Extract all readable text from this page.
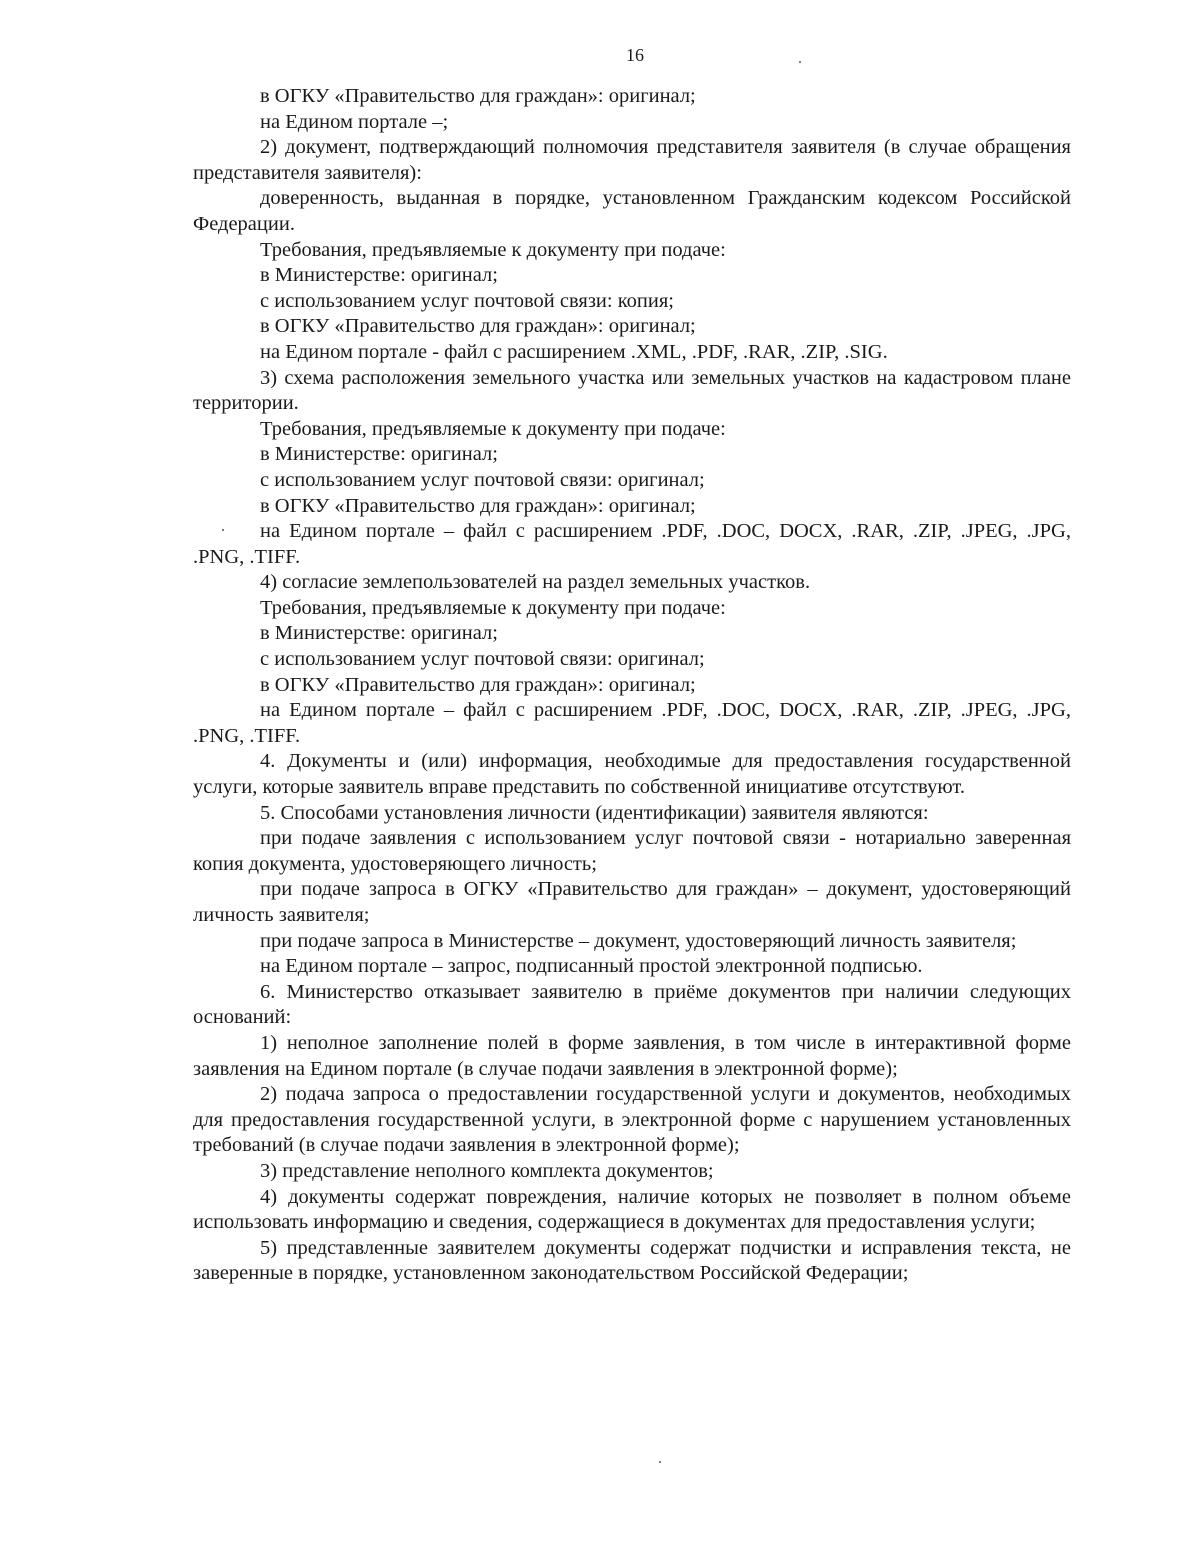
16

в ОГКУ «Правительство для граждан»: оригинал;

на Едином портале –;

2) документ, подтверждающий полномочия представителя заявителя (в случае обращения представителя заявителя):

доверенность, выданная в порядке, установленном Гражданским кодексом Российской Федерации.

Требования, предъявляемые к документу при подаче:

в Министерстве: оригинал;

с использованием услуг почтовой связи: копия;

в ОГКУ «Правительство для граждан»: оригинал;

на Едином портале - файл с расширением .XML, .PDF, .RAR, .ZIP, .SIG.

3) схема расположения земельного участка или земельных участков на кадастровом плане территории.

Требования, предъявляемые к документу при подаче:

в Министерстве: оригинал;

с использованием услуг почтовой связи: оригинал;

в ОГКУ «Правительство для граждан»: оригинал;

на Едином портале – файл с расширением .PDF, .DOC, DOCX, .RAR, .ZIP, .JPEG, .JPG, .PNG, .TIFF.

4) согласие землепользователей на раздел земельных участков.

Требования, предъявляемые к документу при подаче:

в Министерстве: оригинал;

с использованием услуг почтовой связи: оригинал;

в ОГКУ «Правительство для граждан»: оригинал;

на Едином портале – файл с расширением .PDF, .DOC, DOCX, .RAR, .ZIP, .JPEG, .JPG, .PNG, .TIFF.

4. Документы и (или) информация, необходимые для предоставления государственной услуги, которые заявитель вправе представить по собственной инициативе отсутствуют.

5. Способами установления личности (идентификации) заявителя являются:

при подаче заявления с использованием услуг почтовой связи - нотариально заверенная копия документа, удостоверяющего личность;

при подаче запроса в ОГКУ «Правительство для граждан» – документ, удостоверяющий личность заявителя;

при подаче запроса в Министерстве – документ, удостоверяющий личность заявителя;

на Едином портале – запрос, подписанный простой электронной подписью.

6. Министерство отказывает заявителю в приёме документов при наличии следующих оснований:

1) неполное заполнение полей в форме заявления, в том числе в интерактивной форме заявления на Едином портале (в случае подачи заявления в электронной форме);

2) подача запроса о предоставлении государственной услуги и документов, необходимых для предоставления государственной услуги, в электронной форме с нарушением установленных требований (в случае подачи заявления в электронной форме);

3) представление неполного комплекта документов;

4) документы содержат повреждения, наличие которых не позволяет в полном объеме использовать информацию и сведения, содержащиеся в документах для предоставления услуги;

5) представленные заявителем документы содержат подчистки и исправления текста, не заверенные в порядке, установленном законодательством Российской Федерации;
